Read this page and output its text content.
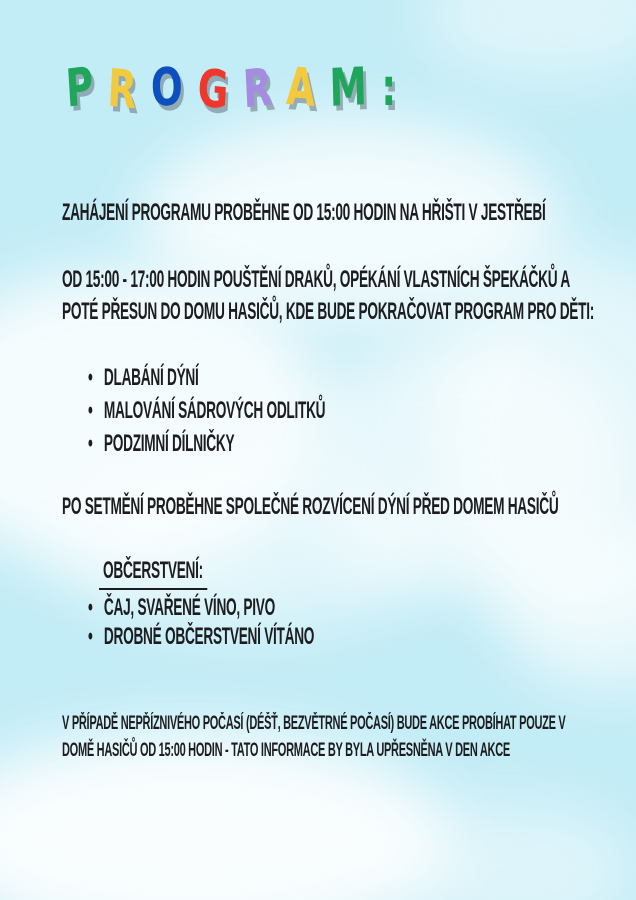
P R O G R A M :
ZAHÁJENÍ PROGRAMU PROBĚHNE OD 15:00 HODIN NA HŘIŠTI V JESTŘEBÍ
OD 15:00 - 17:00 HODIN POUŠTĚNÍ DRAKŮ, OPÉKÁNÍ VLASTNÍCH ŠPEKÁČKŮ A
POTÉ PŘESUN DO DOMU HASIČŮ, KDE BUDE POKRAČOVAT PROGRAM PRO DĚTI:
• DLABÁNÍ DÝNÍ
• MALOVÁNÍ SÁDROVÝCH ODLITKŮ
• PODZIMNÍ DÍLNIČKY
PO SETMĚNÍ PROBĚHNE SPOLEČNÉ ROZVÍCENÍ DÝNÍ PŘED DOMEM HASIČŮ
OBČERSTVENÍ:
• ČAJ, SVAŘENÉ VÍNO, PIVO
• DROBNÉ OBČERSTVENÍ VÍTÁNO
V PŘÍPADĚ NEPŘÍZNIVÉHO POČASÍ (DÉŠŤ, BEZVĚTRNÉ POČASÍ) BUDE AKCE PROBÍHAT POUZE V
DOMĚ HASIČŮ OD 15:00 HODIN - TATO INFORMACE BY BYLA UPŘESNĚNA V DEN AKCE
